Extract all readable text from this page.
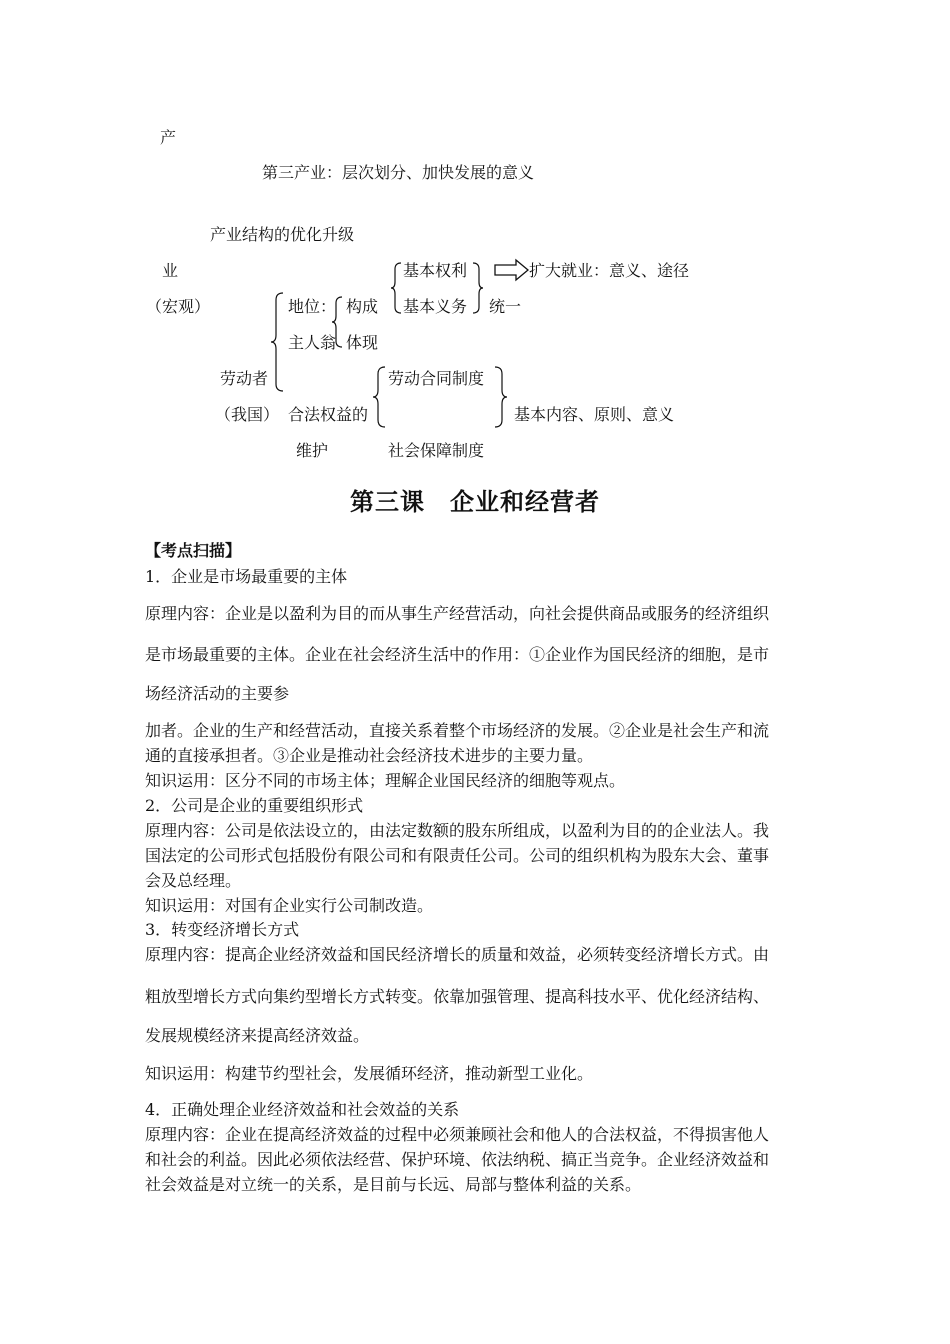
产
第三产业：层次划分、加快发展的意义
产业结构的优化升级
业
（宏观）
基本权利
基本义务
扩大就业：意义、途径
统一
地位： 构成
主人翁 体现
劳动者
（我国） 合法权益的
维护
劳动合同制度
社会保障制度
基本内容、原则、意义
第三课　企业和经营者
【考点扫描】
1．企业是市场最重要的主体
原理内容：企业是以盈利为目的而从事生产经营活动，向社会提供商品或服务的经济组织
是市场最重要的主体。企业在社会经济生活中的作用：①企业作为国民经济的细胞，是市
场经济活动的主要参
加者。企业的生产和经营活动，直接关系着整个市场经济的发展。②企业是社会生产和流
通的直接承担者。③企业是推动社会经济技术进步的主要力量。
知识运用：区分不同的市场主体；理解企业国民经济的细胞等观点。
2．公司是企业的重要组织形式
原理内容：公司是依法设立的，由法定数额的股东所组成，以盈利为目的的企业法人。我
国法定的公司形式包括股份有限公司和有限责任公司。公司的组织机构为股东大会、董事
会及总经理。
知识运用：对国有企业实行公司制改造。
3．转变经济增长方式
原理内容：提高企业经济效益和国民经济增长的质量和效益，必须转变经济增长方式。由
粗放型增长方式向集约型增长方式转变。依靠加强管理、提高科技水平、优化经济结构、
发展规模经济来提高经济效益。
知识运用：构建节约型社会，发展循环经济，推动新型工业化。
4．正确处理企业经济效益和社会效益的关系
原理内容：企业在提高经济效益的过程中必须兼顾社会和他人的合法权益，不得损害他人
和社会的利益。因此必须依法经营、保护环境、依法纳税、搞正当竞争。企业经济效益和
社会效益是对立统一的关系，是目前与长远、局部与整体利益的关系。
